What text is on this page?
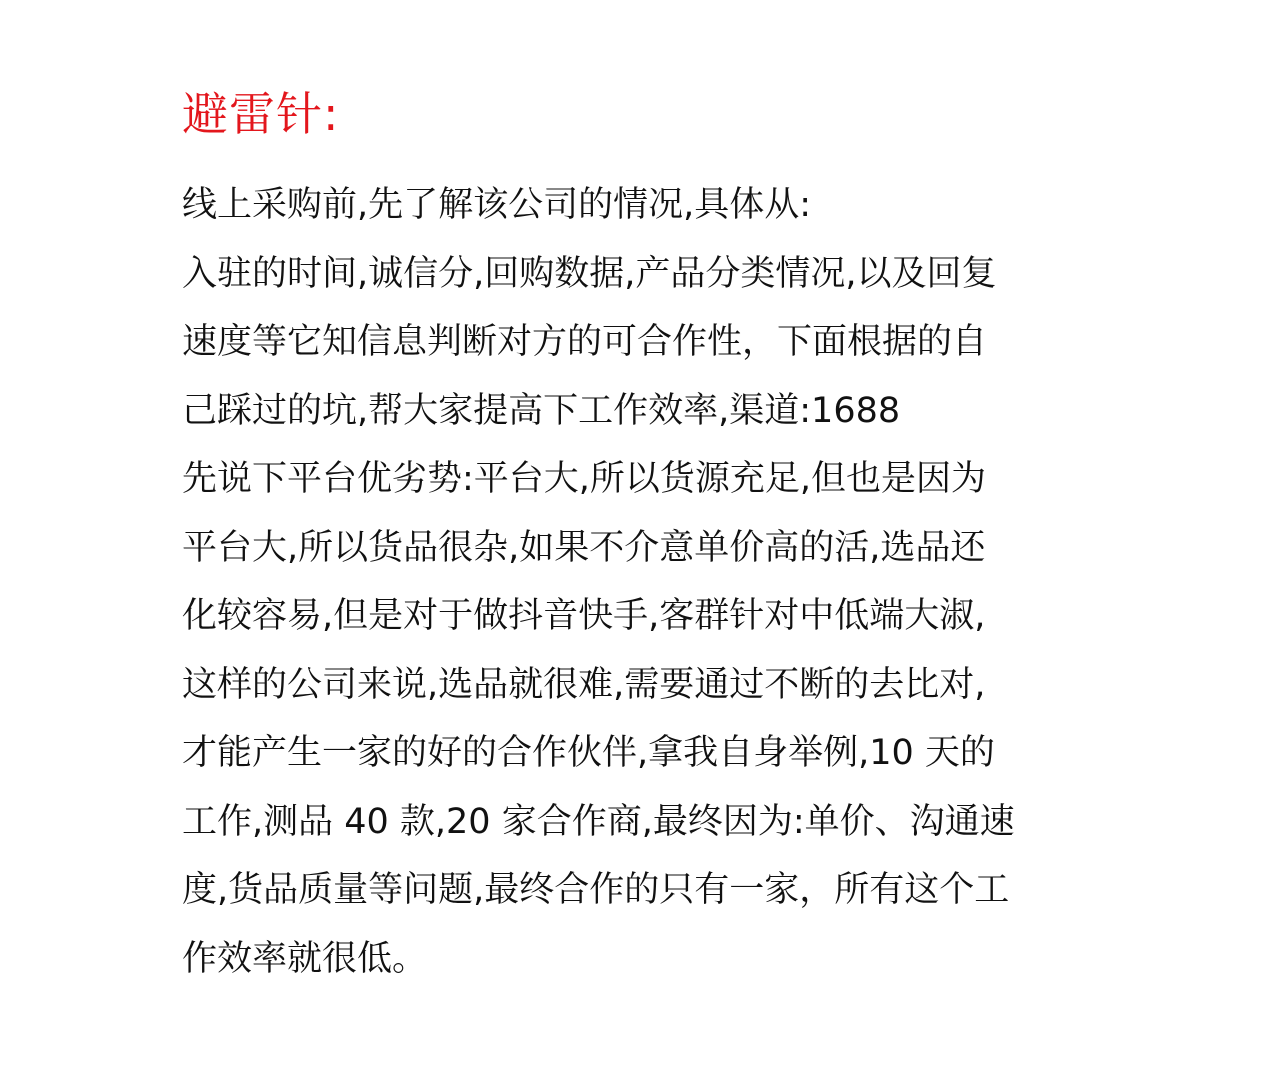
避雷针:

线上采购前,先了解该公司的情况,具体从:

入驻的时间,诚信分,回购数据,产品分类情况,以及回复

速度等它知信息判断对方的可合作性，下面根据的自

己踩过的坑,帮大家提高下工作效率,渠道:1688

先说下平台优劣势:平台大,所以货源充足,但也是因为

平台大,所以货品很杂,如果不介意单价高的活,选品还

化较容易,但是对于做抖音快手,客群针对中低端大淑,

这样的公司来说,选品就很难,需要通过不断的去比对,

才能产生一家的好的合作伙伴,拿我自身举例,10 天的

工作,测品 40 款,20 家合作商,最终因为:单价、沟通速

度,货品质量等问题,最终合作的只有一家，所有这个工

作效率就很低。
